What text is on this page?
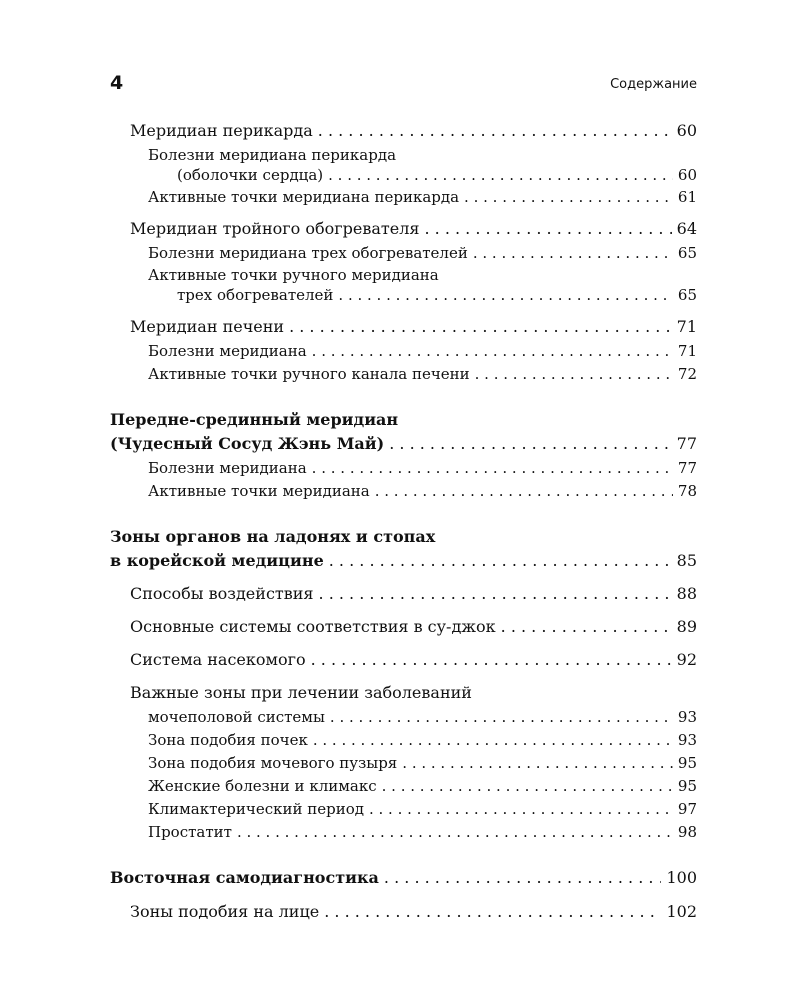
4	Содержание
Меридиан перикарда . . .	60
Болезни меридиана перикарда
(оболочки сердца) . . .	60
Активные точки меридиана перикарда . . .	61
Меридиан тройного обогревателя . . .	64
Болезни меридиана трех обогревателей . . .	65
Активные точки ручного меридиана
трех обогревателей . . .	65
Меридиан печени . . .	71
Болезни меридиана . . .	71
Активные точки ручного канала печени . . .	72
Передне-срединный меридиан
(Чудесный Сосуд Жэнь Май) . . .	77
Болезни меридиана . . .	77
Активные точки меридиана . . .	78
Зоны органов на ладонях и стопах
в корейской медицине . . .	85
Способы воздействия . . .	88
Основные системы соответствия в су-джок . . .	89
Система насекомого . . .	92
Важные зоны при лечении заболеваний
мочеполовой системы . . .	93
Зона подобия почек . . .	93
Зона подобия мочевого пузыря . . .	95
Женские болезни и климакс . . .	95
Климактерический период . . .	97
Простатит . . .	98
Восточная самодиагностика . . .	100
Зоны подобия на лице . . .	102
